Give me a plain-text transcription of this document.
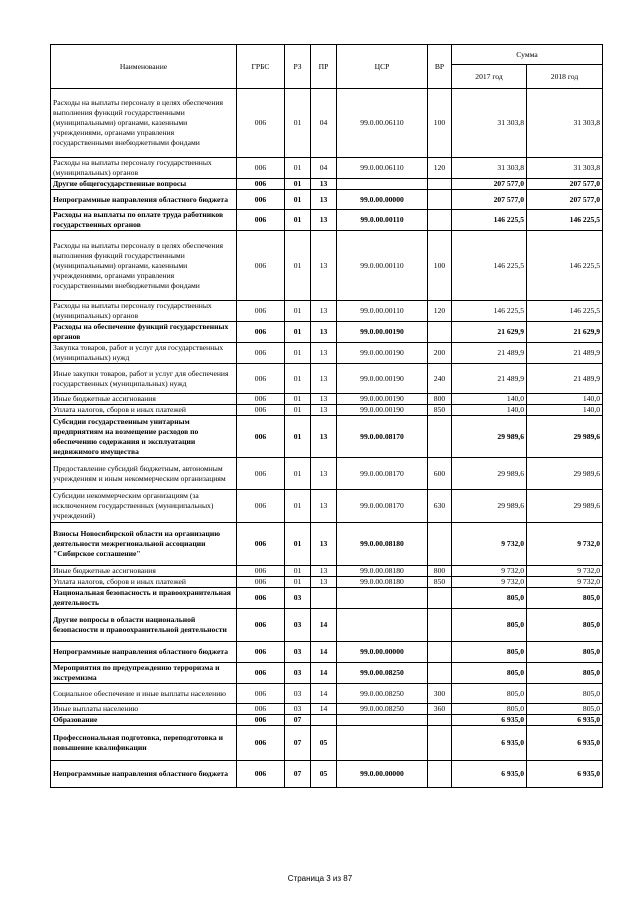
Наименование	ГРБС	РЗ	ПР	ЦСР	ВР	Сумма	
						2017 год	2018 год
Расходы на выплаты персоналу в целях обеспечения выполнения функций государственными (муниципальными) органами, казенными учреждениями, органами управления государственными внебюджетными фондами	006	01	04	99.0.00.06110	100	31 303,8	31 303,8
Расходы на выплаты персоналу государственных (муниципальных) органов	006	01	04	99.0.00.06110	120	31 303,8	31 303,8
Другие общегосударственные вопросы	006	01	13			207 577,0	207 577,0
Непрограммные направления областного бюджета	006	01	13	99.0.00.00000		207 577,0	207 577,0
Расходы на выплаты по оплате труда работников государственных органов	006	01	13	99.0.00.00110		146 225,5	146 225,5
Расходы на выплаты персоналу в целях обеспечения выполнения функций государственными (муниципальными) органами, казенными учреждениями, органами управления государственными внебюджетными фондами	006	01	13	99.0.00.00110	100	146 225,5	146 225,5
Расходы на выплаты персоналу государственных (муниципальных) органов	006	01	13	99.0.00.00110	120	146 225,5	146 225,5
Расходы на обеспечение функций государственных органов	006	01	13	99.0.00.00190		21 629,9	21 629,9
Закупка товаров, работ и услуг для государственных (муниципальных) нужд	006	01	13	99.0.00.00190	200	21 489,9	21 489,9
Иные закупки товаров, работ и услуг для обеспечения государственных (муниципальных) нужд	006	01	13	99.0.00.00190	240	21 489,9	21 489,9
Иные бюджетные ассигнования	006	01	13	99.0.00.00190	800	140,0	140,0
Уплата налогов, сборов и иных платежей	006	01	13	99.0.00.00190	850	140,0	140,0
Субсидии государственным унитарным предприятиям на возмещение расходов по обеспечению содержания и эксплуатации недвижимого имущества	006	01	13	99.0.00.08170		29 989,6	29 989,6
Предоставление субсидий бюджетным, автономным учреждениям и иным некоммерческим организациям	006	01	13	99.0.00.08170	600	29 989,6	29 989,6
Субсидии некоммерческим организациям (за исключением государственных (муниципальных) учреждений)	006	01	13	99.0.00.08170	630	29 989,6	29 989,6
Взносы Новосибирской области на организацию деятельности межрегиональной ассоциации "Сибирское соглашение"	006	01	13	99.0.00.08180		9 732,0	9 732,0
Иные бюджетные ассигнования	006	01	13	99.0.00.08180	800	9 732,0	9 732,0
Уплата налогов, сборов и иных платежей	006	01	13	99.0.00.08180	850	9 732,0	9 732,0
Национальная безопасность и правоохранительная деятельность	006	03				805,0	805,0
Другие вопросы в области национальной безопасности и правоохранительной деятельности	006	03	14			805,0	805,0
Непрограммные направления областного бюджета	006	03	14	99.0.00.00000		805,0	805,0
Мероприятия по предупреждению терроризма и экстремизма	006	03	14	99.0.00.08250		805,0	805,0
Социальное обеспечение и иные выплаты населению	006	03	14	99.0.00.08250	300	805,0	805,0
Иные выплаты населению	006	03	14	99.0.00.08250	360	805,0	805,0
Образование	006	07				6 935,0	6 935,0
Профессиональная подготовка, переподготовка и повышение квалификации	006	07	05			6 935,0	6 935,0
Непрограммные направления областного бюджета	006	07	05	99.0.00.00000		6 935,0	6 935,0
Страница 3 из 87
